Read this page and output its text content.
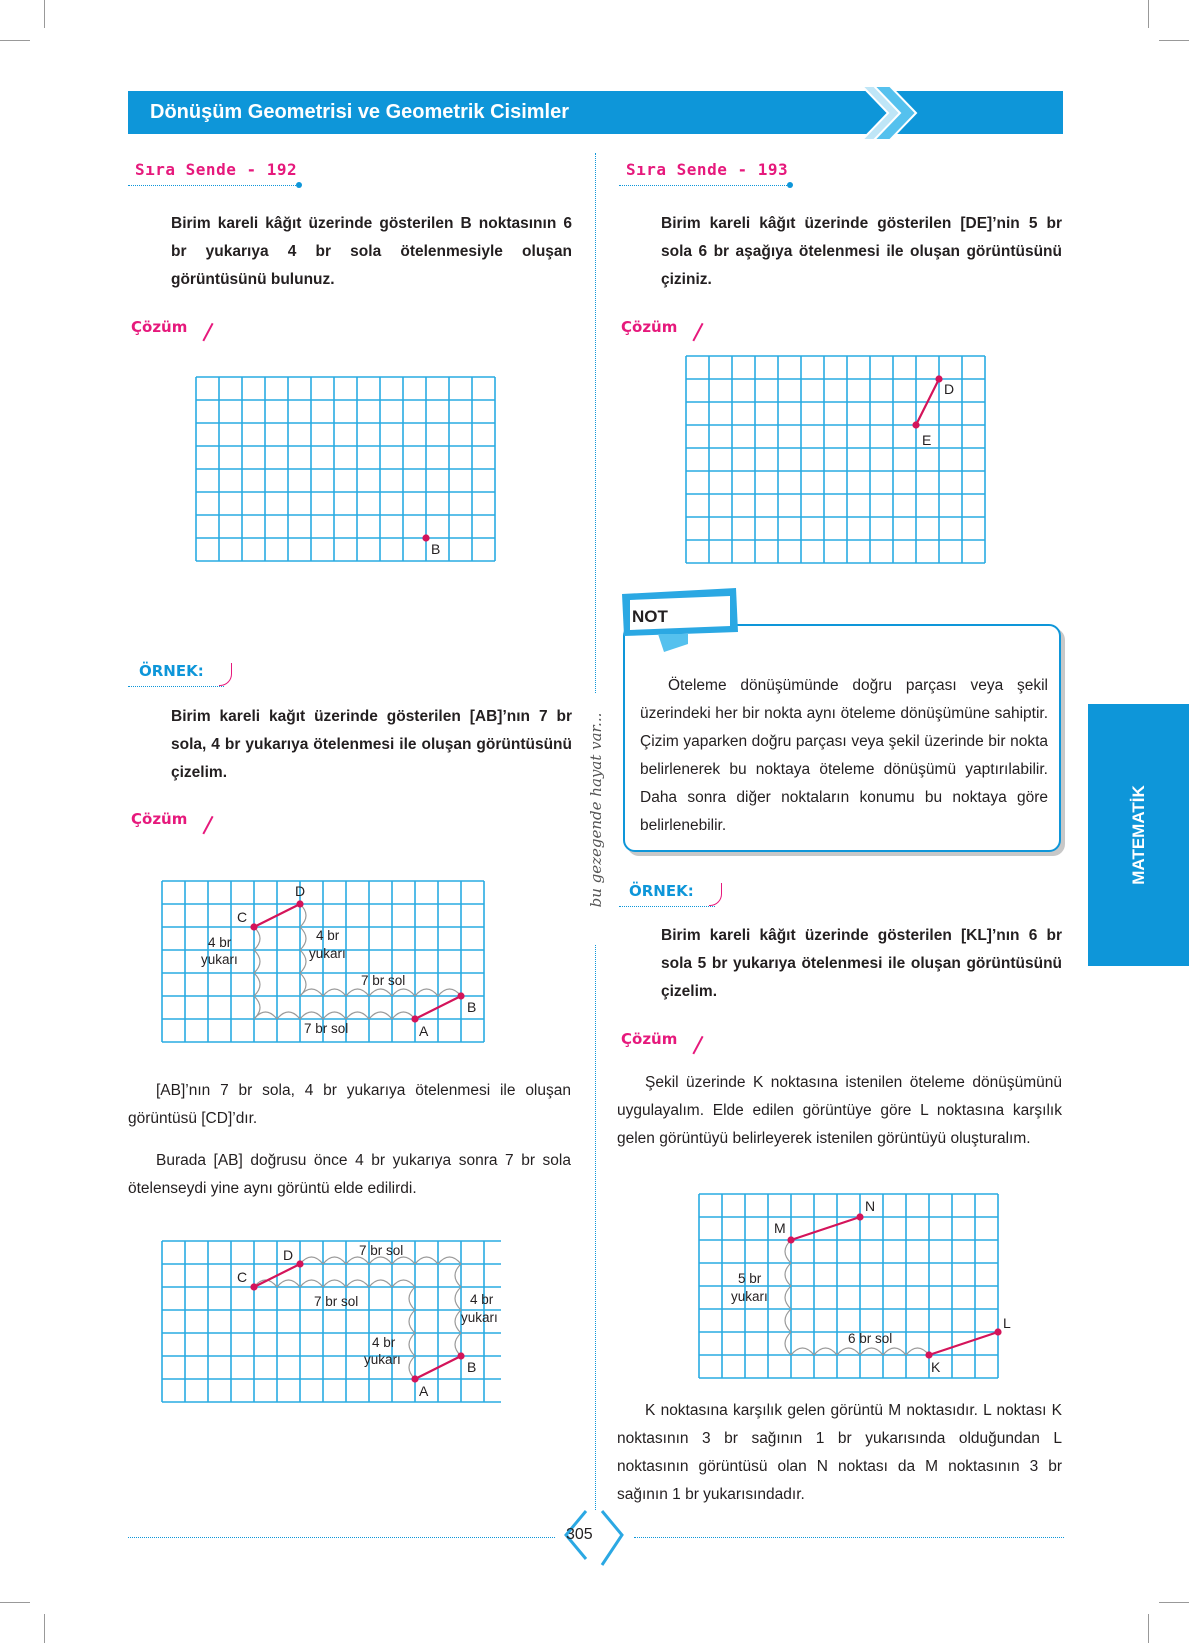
Dönüşüm Geometrisi ve Geometrik Cisimler
bu gezegende hayat var...
Sıra Sende - 192
Birim kareli kâğıt üzerinde gösterilen B noktasının 6 br yukarıya 4 br sola ötelenmesiyle oluşan görüntüsünü bulunuz.
Çözüm
B
ÖRNEK:
Birim kareli kağıt üzerinde gösterilen [AB]’nın 7 br sola, 4 br yukarıya ötelenmesi ile oluşan görüntüsünü çizelim.
Çözüm
C
D
A
B
4 br
yukarı
4 br
yukarı
7 br sol
7 br sol
[AB]’nın 7 br sola, 4 br yukarıya ötelenmesi ile oluşan görüntüsü [CD]’dır.
Burada [AB] doğrusu önce 4 br yukarıya sonra 7 br sola ötelenseydi yine aynı görüntü elde edilirdi.
C
D
A
B
7 br sol
7 br sol	4 br
yukarı
4 br
yukarı
Sıra Sende - 193
Birim kareli kâğıt üzerinde gösterilen [DE]’nin 5 br sola 6 br aşağıya ötelenmesi ile oluşan görüntüsünü çiziniz.
Çözüm
D
E
NOT
Öteleme dönüşümünde doğru parçası veya şekil üzerindeki her bir nokta aynı öteleme dönüşümüne sahiptir. Çizim yaparken doğru parçası veya şekil üzerinde bir nokta belirlenerek bu noktaya öteleme dönüşümü yaptırılabilir. Daha sonra diğer noktaların konumu bu noktaya göre belirlenebilir.
ÖRNEK:
Birim kareli kâğıt üzerinde gösterilen [KL]’nın 6 br sola 5 br yukarıya ötelenmesi ile oluşan görüntüsünü çizelim.
Çözüm
Şekil üzerinde K noktasına istenilen öteleme dönüşümünü uygulayalım. Elde edilen görüntüye göre L noktasına karşılık gelen görüntüyü belirleyerek istenilen görüntüyü oluşturalım.
M
N
K
L
5 br
yukarı
6 br sol
K noktasına karşılık gelen görüntü M noktasıdır. L noktası K noktasının 3 br sağının 1 br yukarısında olduğundan L noktasının görüntüsü olan N noktası da M noktasının 3 br sağının 1 br yukarısındadır.
MATEMATİK
305
